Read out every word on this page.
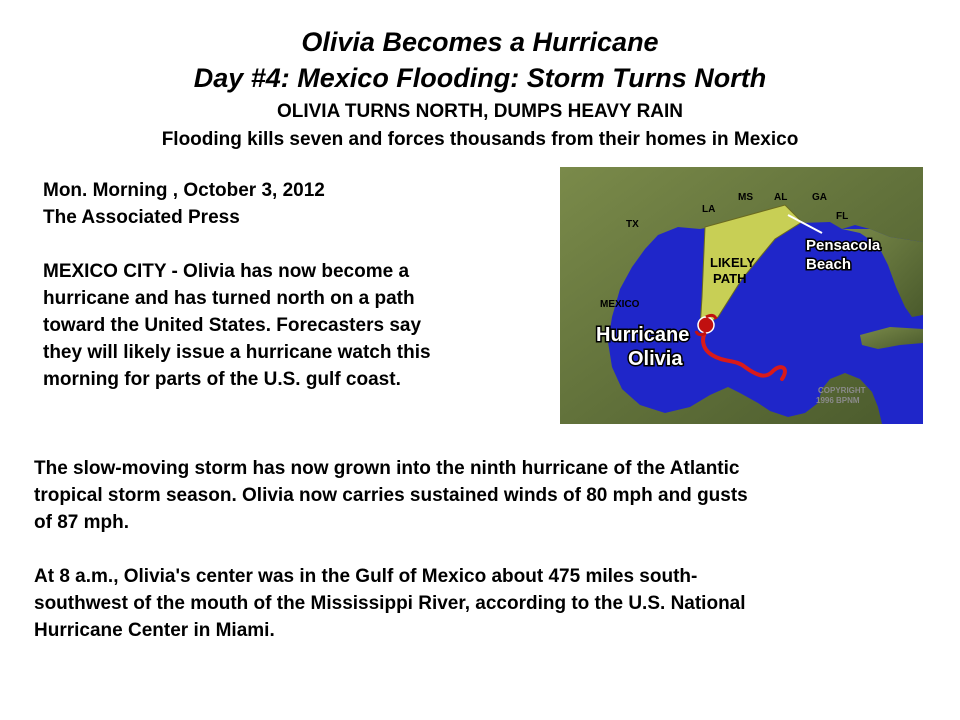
Olivia Becomes a Hurricane
Day #4: Mexico Flooding: Storm Turns North
OLIVIA TURNS NORTH, DUMPS HEAVY RAIN
Flooding kills seven and forces thousands from their homes in Mexico

Mon. Morning , October 3, 2012

The Associated Press

MEXICO CITY - Olivia has now become a

hurricane and has turned north on a path

toward the United States. Forecasters say

they will likely issue a hurricane watch this

morning for parts of the U.S. gulf coast.

TX
LA
MS AL GA
FL
MEXICO
LIKELY
PATH
COPYRIGHT
1996 BPNM
Hurricane
Olivia
Pensacola
Beach

The slow-moving storm has now grown into the ninth hurricane of the Atlantic

tropical storm season. Olivia now carries sustained winds of 80 mph and gusts

of 87 mph.

At 8 a.m., Olivia's center was in the Gulf of Mexico about 475 miles south-

southwest of the mouth of the Mississippi River, according to the U.S. National

Hurricane Center in Miami.
